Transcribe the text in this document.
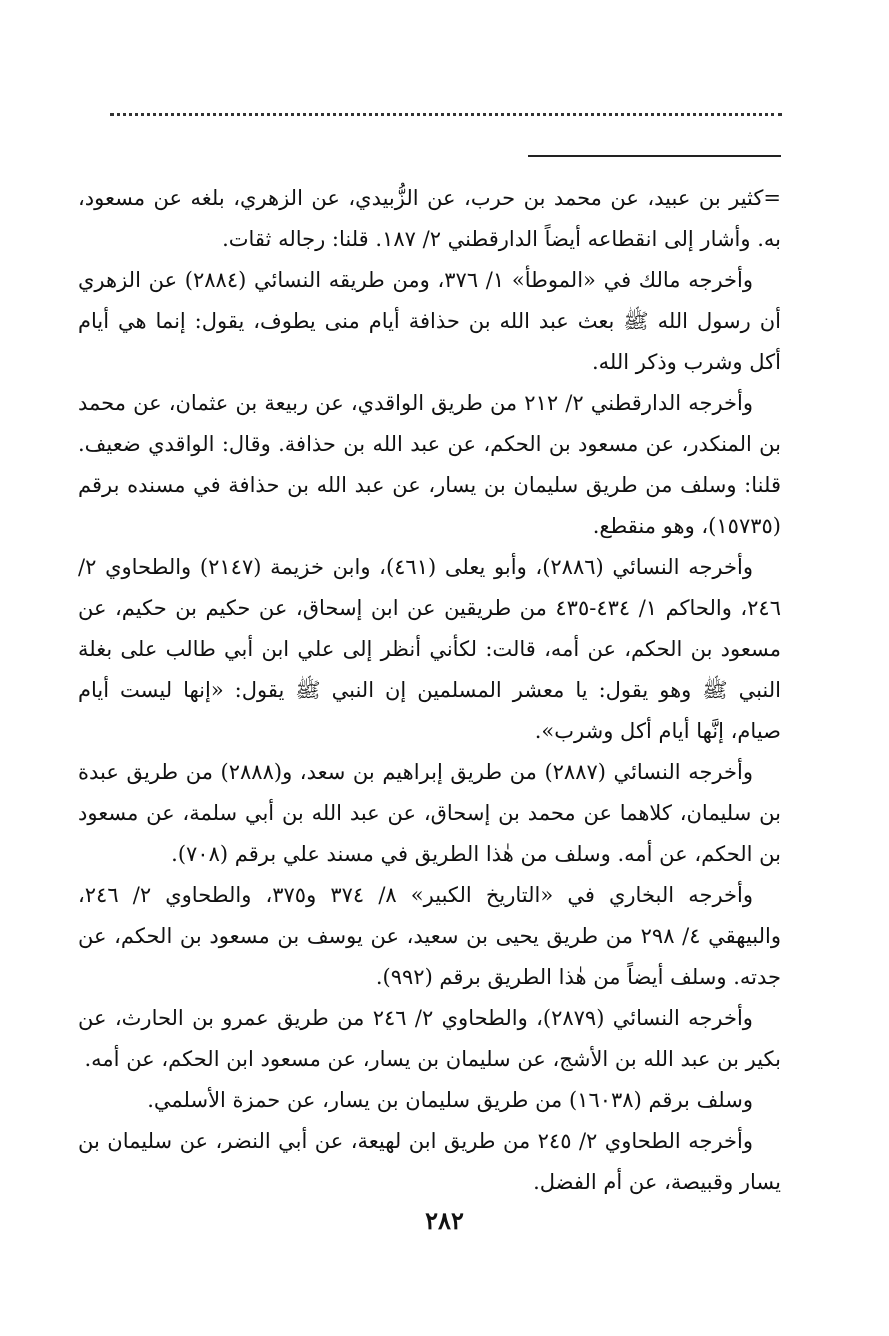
=كثير بن عبيد، عن محمد بن حرب، عن الزُّبيدي، عن الزهري، بلغه عن مسعود، به. وأشار إلى انقطاعه أيضاً الدارقطني ٢/ ١٨٧. قلنا: رجاله ثقات.

وأخرجه مالك في «الموطأ» ١/ ٣٧٦، ومن طريقه النسائي (٢٨٨٤) عن الزهري أن رسول الله ﷺ بعث عبد الله بن حذافة أيام منى يطوف، يقول: إنما هي أيام أكل وشرب وذكر الله.

وأخرجه الدارقطني ٢/ ٢١٢ من طريق الواقدي، عن ربيعة بن عثمان، عن محمد بن المنكدر، عن مسعود بن الحكم، عن عبد الله بن حذافة. وقال: الواقدي ضعيف. قلنا: وسلف من طريق سليمان بن يسار، عن عبد الله بن حذافة في مسنده برقم (١٥٧٣٥)، وهو منقطع.

وأخرجه النسائي (٢٨٨٦)، وأبو يعلى (٤٦١)، وابن خزيمة (٢١٤٧) والطحاوي ٢/ ٢٤٦، والحاكم ١/ ٤٣٤-٤٣٥ من طريقين عن ابن إسحاق، عن حكيم بن حكيم، عن مسعود بن الحكم، عن أمه، قالت: لكأني أنظر إلى علي ابن أبي طالب على بغلة النبي ﷺ وهو يقول: يا معشر المسلمين إن النبي ﷺ يقول: «إنها ليست أيام صيام، إنَّها أيام أكل وشرب».

وأخرجه النسائي (٢٨٨٧) من طريق إبراهيم بن سعد، و(٢٨٨٨) من طريق عبدة بن سليمان، كلاهما عن محمد بن إسحاق، عن عبد الله بن أبي سلمة، عن مسعود بن الحكم، عن أمه. وسلف من هٰذا الطريق في مسند علي برقم (٧٠٨).

وأخرجه البخاري في «التاريخ الكبير» ٨/ ٣٧٤ و٣٧٥، والطحاوي ٢/ ٢٤٦، والبيهقي ٤/ ٢٩٨ من طريق يحيى بن سعيد، عن يوسف بن مسعود بن الحكم، عن جدته. وسلف أيضاً من هٰذا الطريق برقم (٩٩٢).

وأخرجه النسائي (٢٨٧٩)، والطحاوي ٢/ ٢٤٦ من طريق عمرو بن الحارث، عن بكير بن عبد الله بن الأشج، عن سليمان بن يسار، عن مسعود ابن الحكم، عن أمه.

وسلف برقم (١٦٠٣٨) من طريق سليمان بن يسار، عن حمزة الأسلمي.

وأخرجه الطحاوي ٢/ ٢٤٥ من طريق ابن لهيعة، عن أبي النضر، عن سليمان بن يسار وقبيصة، عن أم الفضل.

٢٨٢
